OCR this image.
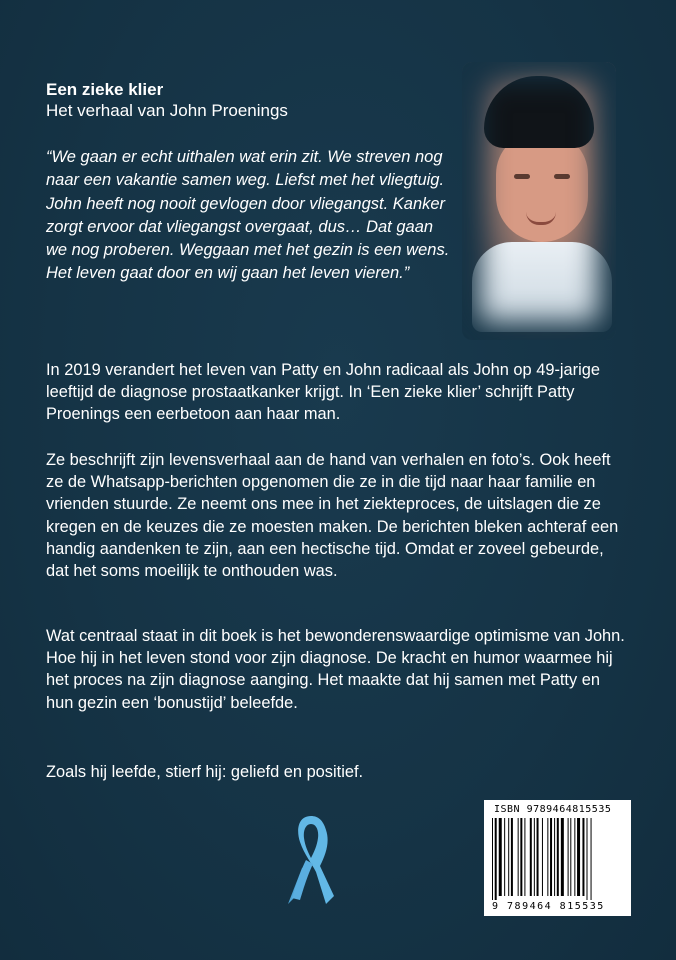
Een zieke klier
Het verhaal van John Proenings
“We gaan er echt uithalen wat erin zit. We streven nog naar een vakantie samen weg. Liefst met het vliegtuig. John heeft nog nooit gevlogen door vliegangst. Kanker zorgt ervoor dat vliegangst overgaat, dus… Dat gaan we nog proberen. Weggaan met het gezin is een wens. Het leven gaat door en wij gaan het leven vieren.”
In 2019 verandert het leven van Patty en John radicaal als John op 49-jarige leeftijd de diagnose prostaatkanker krijgt. In ‘Een zieke klier’ schrijft Patty Proenings een eerbetoon aan haar man.
Ze beschrijft zijn levensverhaal aan de hand van verhalen en foto’s. Ook heeft ze de Whatsapp-berichten opgenomen die ze in die tijd naar haar familie en vrienden stuurde. Ze neemt ons mee in het ziekteproces, de uitslagen die ze kregen en de keuzes die ze moesten maken. De berichten bleken achteraf een handig aandenken te zijn, aan een hectische tijd. Omdat er zoveel gebeurde, dat het soms moeilijk te onthouden was.
Wat centraal staat in dit boek is het bewonderenswaardige optimisme van John. Hoe hij in het leven stond voor zijn diagnose. De kracht en humor waarmee hij het proces na zijn diagnose aanging. Het maakte dat hij samen met Patty en hun gezin een ‘bonustijd’ beleefde.
Zoals hij leefde, stierf hij: geliefd en positief.
ISBN 9789464815535
9 789464 815535
